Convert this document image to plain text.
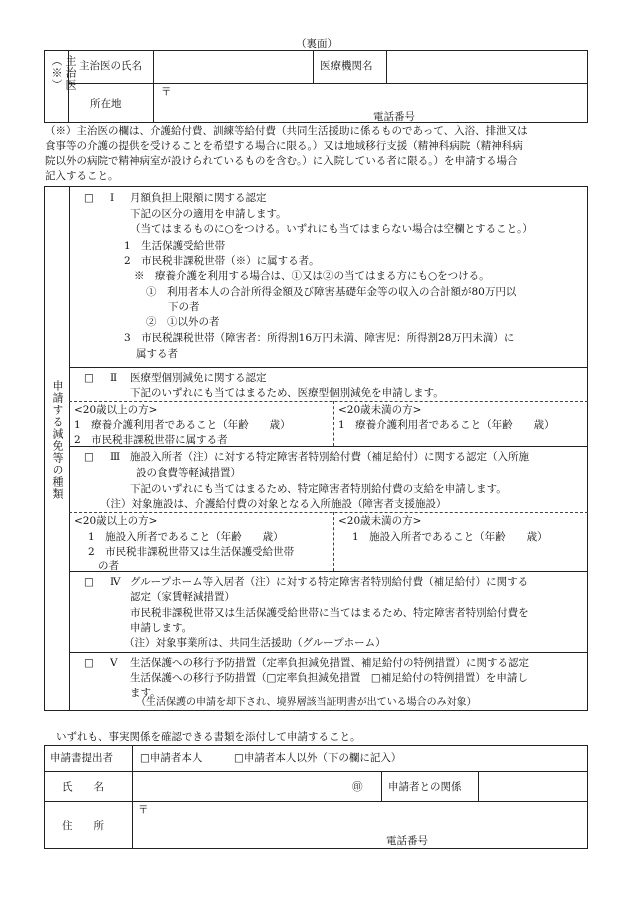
（裏面）
主治医（※）	主治医の氏名	医療機関名
所在地
〒
電話番号
（※）主治医の欄は、介護給付費、訓練等給付費（共同生活援助に係るものであって、入浴、排泄又は
食事等の介護の提供を受けることを希望する場合に限る。）又は地域移行支援（精神科病院（精神科病
院以外の病院で精神病室が設けられているものを含む。）に入院している者に限る。）を申請する場合
記入すること。
申請する減免等の種類
□ Ⅰ 月額負担上限額に関する認定
下記の区分の適用を申請します。
（当てはまるものに○をつける。いずれにも当てはまらない場合は空欄とすること。）
1　生活保護受給世帯
2　市民税非課税世帯（※）に属する者。
※　療養介護を利用する場合は、①又は②の当てはまる方にも○をつける。
①　利用者本人の合計所得金額及び障害基礎年金等の収入の合計額が80万円以
下の者
②　①以外の者
3　市民税課税世帯（障害者：所得割16万円未満、障害児：所得割28万円未満）に
属する者
□ Ⅱ 医療型個別減免に関する認定
下記のいずれにも当てはまるため、医療型個別減免を申請します。
<20歳以上の方>
1　療養介護利用者であること（年齢　　歳）
2　市民税非課税世帯に属する者
<20歳未満の方>
1　療養介護利用者であること（年齢　　歳）
□ Ⅲ 施設入所者（注）に対する特定障害者特別給付費（補足給付）に関する認定（入所施
設の食費等軽減措置）
下記のいずれにも当てはまるため、特定障害者特別給付費の支給を申請します。
（注）対象施設は、介護給付費の対象となる入所施設（障害者支援施設）
<20歳以上の方>
1　施設入所者であること（年齢　　歳）
2　市民税非課税世帯又は生活保護受給世帯
の者
<20歳未満の方>
1　施設入所者であること（年齢　　歳）
□ Ⅳ グループホーム等入居者（注）に対する特定障害者特別給付費（補足給付）に関する
認定（家賃軽減措置）
市民税非課税世帯又は生活保護受給世帯に当てはまるため、特定障害者特別給付費を
申請します。
（注）対象事業所は、共同生活援助（グループホーム）
□ Ⅴ 生活保護への移行予防措置（定率負担減免措置、補足給付の特例措置）に関する認定
生活保護への移行予防措置（□定率負担減免措置　□補足給付の特例措置）を申請し
ます。
（生活保護の申請を却下され、境界層該当証明書が出ている場合のみ対象）
いずれも、事実関係を確認できる書類を添付して申請すること。
申請書提出者	□申請者本人	□申請者本人以外（下の欄に記入）
氏　　名	㊞ 申請者との関係
住　　所
〒
電話番号
